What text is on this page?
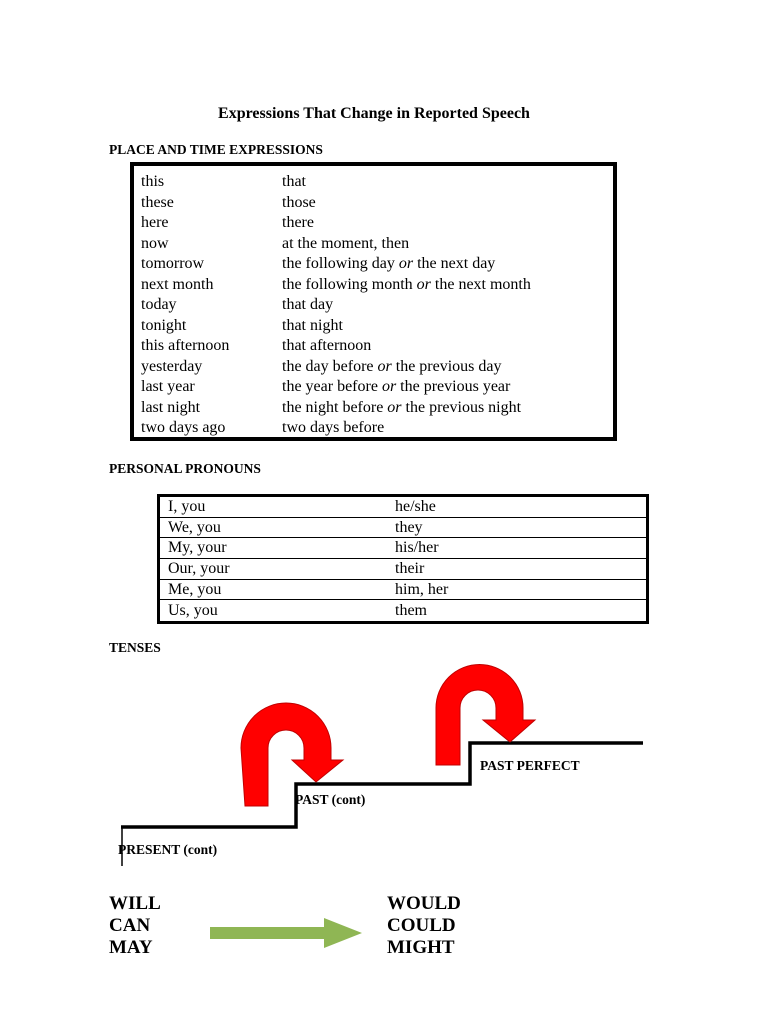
Expressions That Change in Reported Speech
PLACE AND TIME EXPRESSIONS
this	that
these	those
here	there
now	at the moment, then
tomorrow	the following day or the next day
next month	the following month or the next month
today	that day
tonight	that night
this afternoon	that afternoon
yesterday	the day before or the previous day
last year	the year before or the previous year
last night	the night before or the previous night
two days ago	two days before
PERSONAL PRONOUNS
I, you	he/she
We, you	they
My, your	his/her
Our, your	their
Me, you	him, her
Us, you	them
TENSES
PRESENT (cont)
PAST (cont)
PAST PERFECT
WILL
CAN
MAY
WOULD
COULD
MIGHT
